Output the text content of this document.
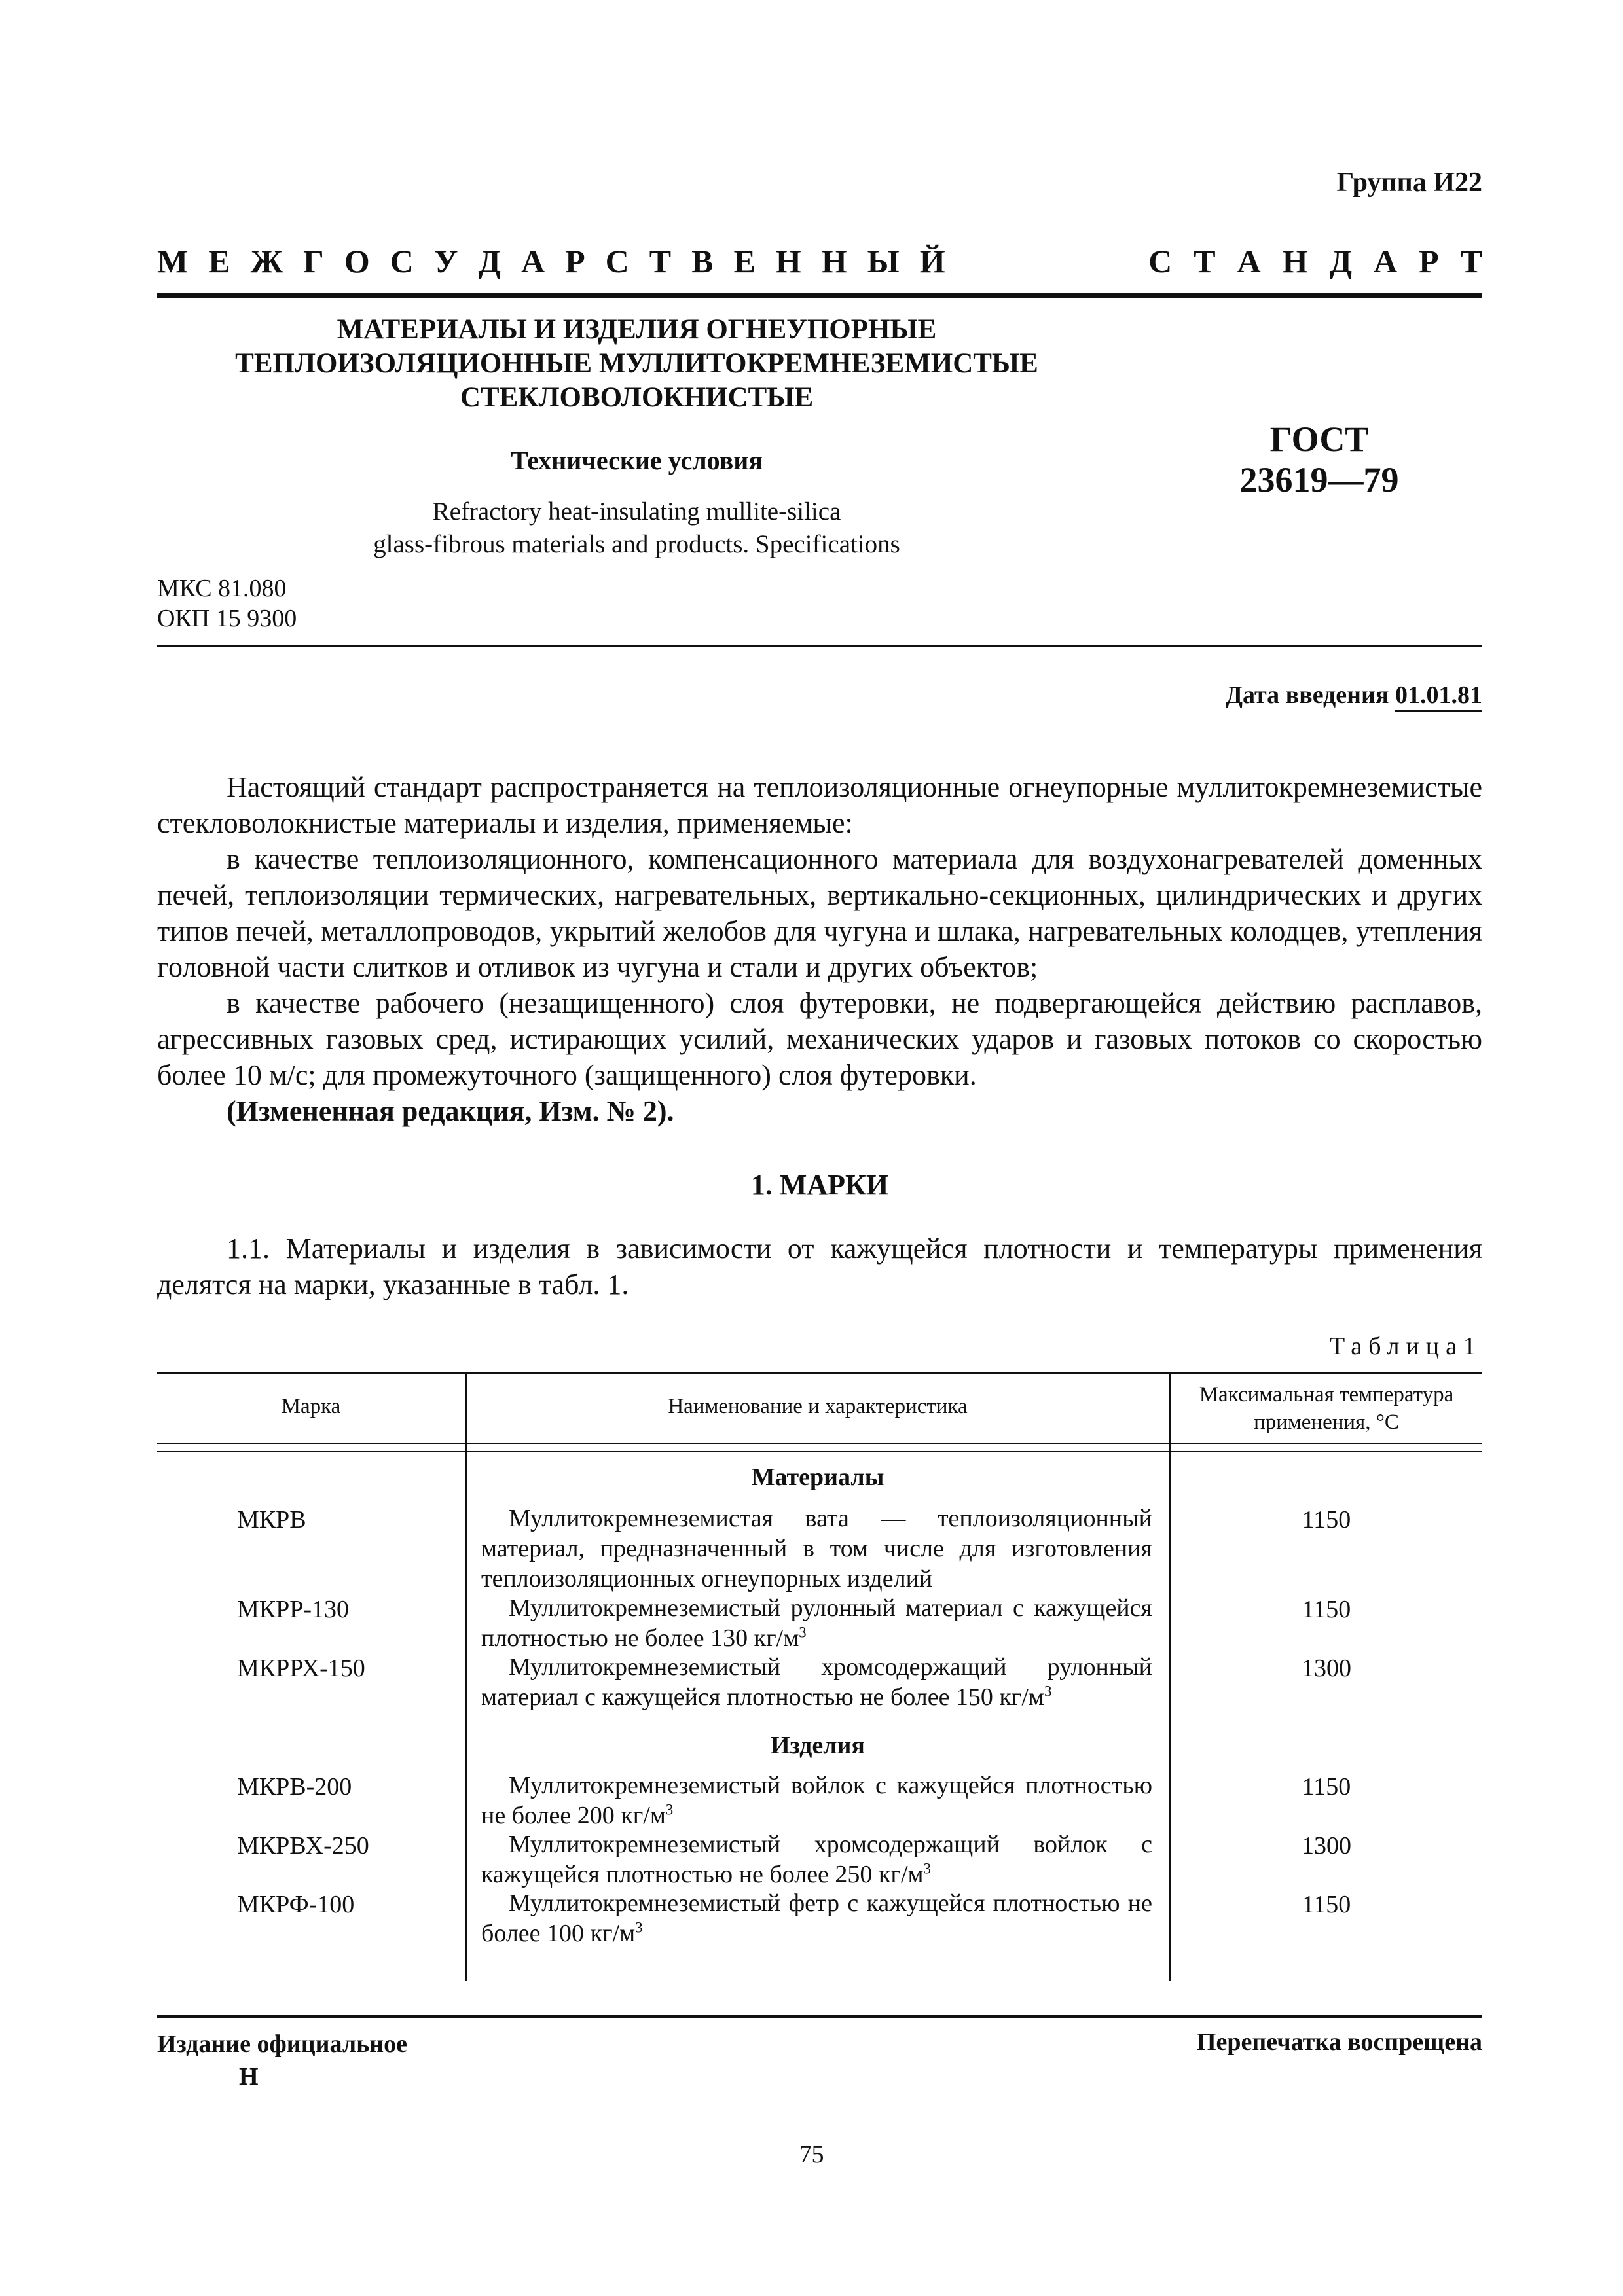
Группа И22
М Е Ж Г О С У Д А Р С Т В Е Н Н Ы Й	С Т А Н Д А Р Т
МАТЕРИАЛЫ И ИЗДЕЛИЯ ОГНЕУПОРНЫЕ
ТЕПЛОИЗОЛЯЦИОННЫЕ МУЛЛИТОКРЕМНЕЗЕМИСТЫЕ
СТЕКЛОВОЛОКНИСТЫЕ
Технические условия
Refractory heat-insulating mullite-silica
glass-fibrous materials and products. Specifications
ГОСТ
23619—79
МКС 81.080
ОКП 15 9300
Дата введения 01.01.81

Настоящий стандарт распространяется на теплоизоляционные огнеупорные муллитокремнеземистые стекловолокнистые материалы и изделия, применяемые:

в качестве теплоизоляционного, компенсационного материала для воздухонагревателей доменных печей, теплоизоляции термических, нагревательных, вертикально-секционных, цилиндрических и других типов печей, металлопроводов, укрытий желобов для чугуна и шлака, нагревательных колодцев, утепления головной части слитков и отливок из чугуна и стали и других объектов;

в качестве рабочего (незащищенного) слоя футеровки, не подвергающейся действию расплавов, агрессивных газовых сред, истирающих усилий, механических ударов и газовых потоков со скоростью более 10 м/с; для промежуточного (защищенного) слоя футеровки.

(Измененная редакция, Изм. № 2).

1. МАРКИ

1.1. Материалы и изделия в зависимости от кажущейся плотности и температуры применения делятся на марки, указанные в табл. 1.

Таблица1
Марка	Наименование и характеристика	Максимальная температура
применения, °С
Материалы
МКРВ	Муллитокремнеземистая вата — теплоизоляционный материал, предназначенный в том числе для изготовления теплоизоляционных огнеупорных изделий

1150
МКРР-130	Муллитокремнеземистый рулонный материал с кажущейся плотностью не более 130 $кг/м^3$

1150
МКРРХ-150	Муллитокремнеземистый хромсодержащий рулонный материал с кажущейся плотностью не более 150 $кг/м^3$

1300
Изделия
МКРВ-200	Муллитокремнеземистый войлок с кажущейся плотностью не более 200 $кг/м^3$

1150
МКРВХ-250	Муллитокремнеземистый хромсодержащий войлок с кажущейся плотностью не более 250 $кг/м^3$

1300
МКРФ-100	Муллитокремнеземистый фетр с кажущейся плотностью не более 100 $кг/м^3$

1150
Издание официальное
Н
Перепечатка воспрещена
75
